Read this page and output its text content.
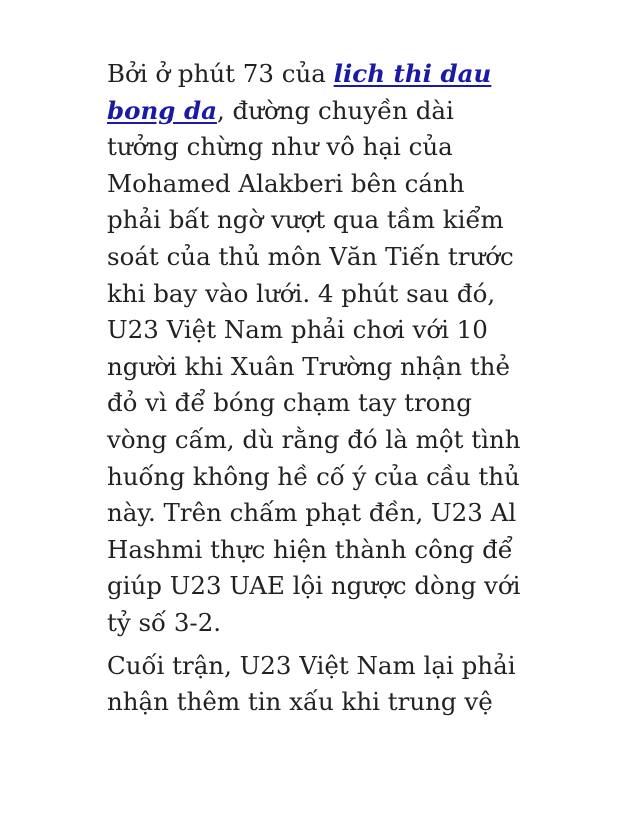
Bởi ở phút 73 của lich thi dau
bong da, đường chuyền dài
tưởng chừng như vô hại của
Mohamed Alakberi bên cánh
phải bất ngờ vượt qua tầm kiểm
soát của thủ môn Văn Tiến trước
khi bay vào lưới. 4 phút sau đó,
U23 Việt Nam phải chơi với 10
người khi Xuân Trường nhận thẻ
đỏ vì để bóng chạm tay trong
vòng cấm, dù rằng đó là một tình
huống không hề cố ý của cầu thủ
này. Trên chấm phạt đền, U23 Al
Hashmi thực hiện thành công để
giúp U23 UAE lội ngược dòng với
tỷ số 3-2.

Cuối trận, U23 Việt Nam lại phải
nhận thêm tin xấu khi trung vệ
